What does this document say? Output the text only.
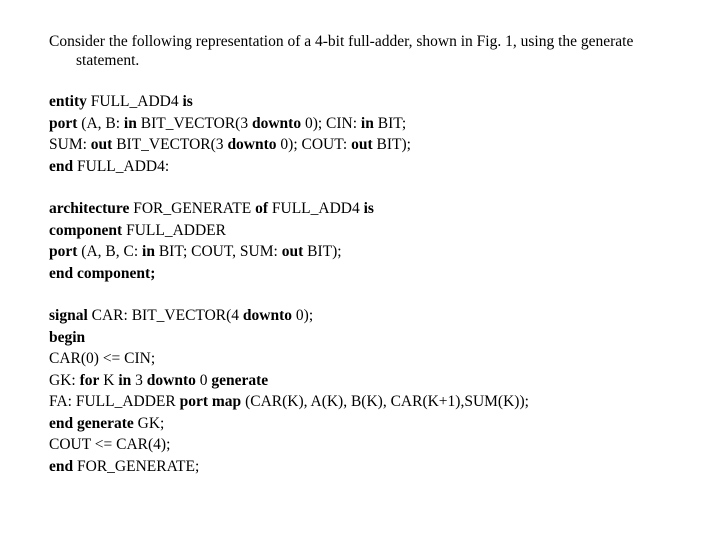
Consider the following representation of a 4-bit full-adder, shown in Fig. 1, using the generate statement.

entity FULL_ADD4 is
port (A, B: in BIT_VECTOR(3 downto 0); CIN: in BIT;
SUM: out BIT_VECTOR(3 downto 0); COUT: out BIT);
end FULL_ADD4:
architecture FOR_GENERATE of FULL_ADD4 is
component FULL_ADDER
port (A, B, C: in BIT; COUT, SUM: out BIT);
end component;
signal CAR: BIT_VECTOR(4 downto 0);
begin
CAR(0) <= CIN;
GK: for K in 3 downto 0 generate
FA: FULL_ADDER port map (CAR(K), A(K), B(K), CAR(K+1),SUM(K));
end generate GK;
COUT <= CAR(4);
end FOR_GENERATE;
